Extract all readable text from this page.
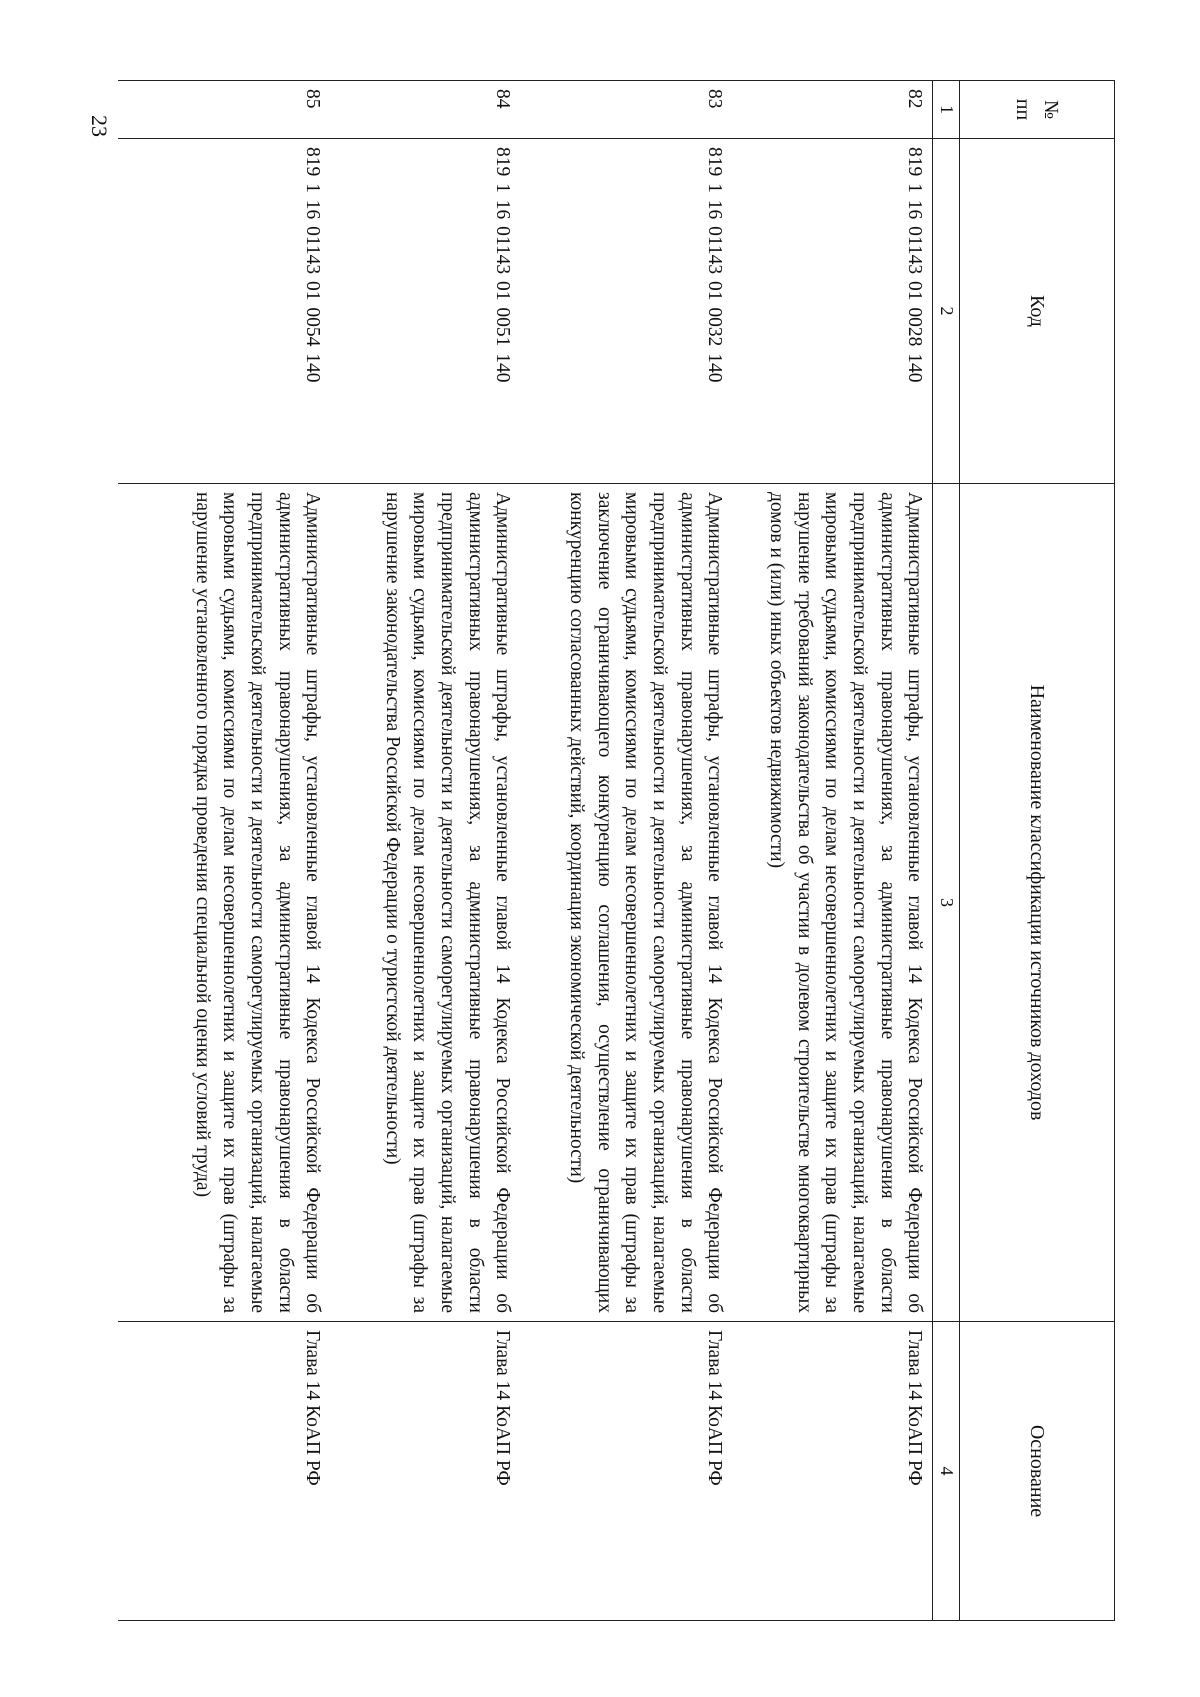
23
№
пп	Код	Наименование классификации источников доходов	Основание
1	2	3	4
82	819 1 16 01143 01 0028 140	Административные штрафы, установленные главой 14 Кодекса Российской Федерации об административных правонарушениях, за административные правонарушения в области предпринимательской деятельности и деятельности саморегулируемых организаций, налагаемые мировыми судьями, комиссиями по делам несовершеннолетних и защите их прав (штрафы за нарушение требований законодательства об участии в долевом строительстве многоквартирных домов и (или) иных объектов недвижимости)	Глава 14 КоАП РФ
83	819 1 16 01143 01 0032 140	Административные штрафы, установленные главой 14 Кодекса Российской Федерации об административных правонарушениях, за административные правонарушения в области предпринимательской деятельности и деятельности саморегулируемых организаций, налагаемые мировыми судьями, комиссиями по делам несовершеннолетних и защите их прав (штрафы за заключение ограничивающего конкуренцию соглашения, осуществление ограничивающих конкуренцию согласованных действий, координация экономической деятельности)	Глава 14 КоАП РФ
84	819 1 16 01143 01 0051 140	Административные штрафы, установленные главой 14 Кодекса Российской Федерации об административных правонарушениях, за административные правонарушения в области предпринимательской деятельности и деятельности саморегулируемых организаций, налагаемые мировыми судьями, комиссиями по делам несовершеннолетних и защите их прав (штрафы за нарушение законодательства Российской Федерации о туристской деятельности)	Глава 14 КоАП РФ
85	819 1 16 01143 01 0054 140	Административные штрафы, установленные главой 14 Кодекса Российской Федерации об административных правонарушениях, за административные правонарушения в области предпринимательской деятельности и деятельности саморегулируемых организаций, налагаемые мировыми судьями, комиссиями по делам несовершеннолетних и защите их прав (штрафы за нарушение установленного порядка проведения специальной оценки условий труда)	Глава 14 КоАП РФ
